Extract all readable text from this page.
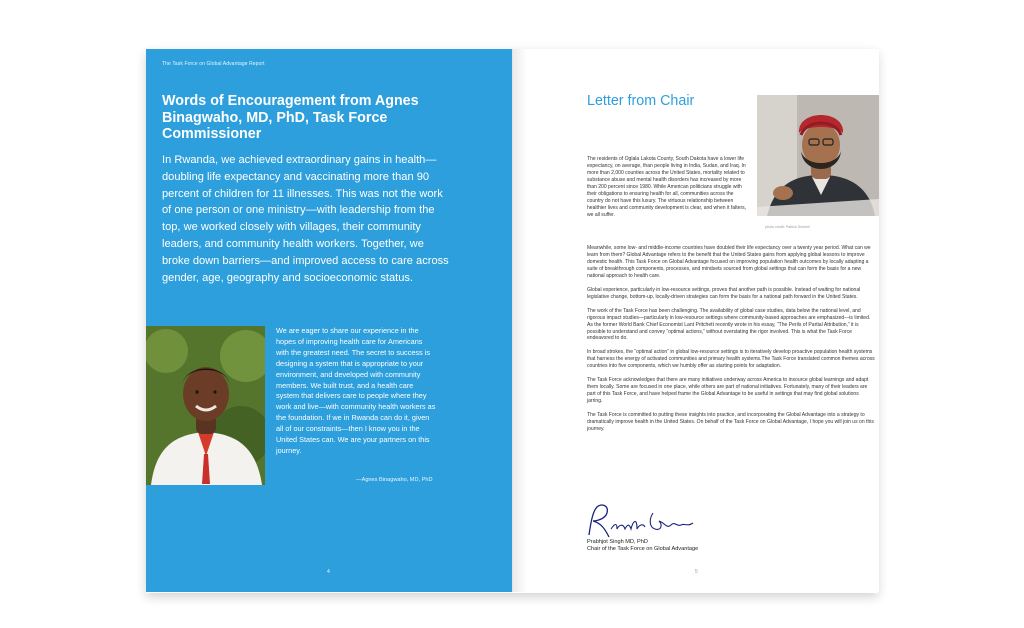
The Task Force on Global Advantage Report
Words of Encouragement from Agnes Binagwaho, MD, PhD, Task Force Commissioner
In Rwanda, we achieved extraordinary gains in health—doubling life expectancy and vaccinating more than 90 percent of children for 11 illnesses. This was not the work of one person or one ministry—with leadership from the top, we worked closely with villages, their community leaders, and community health workers. Together, we broke down barriers—and improved access to care across gender, age, geography and socioeconomic status.
We are eager to share our experience in the hopes of improving health care for Americans with the greatest need. The secret to success is designing a system that is appropriate to your environment, and developed with community members. We built trust, and a health care system that delivers care to people where they work and live—with community health workers as the foundation. If we in Rwanda can do it, given all of our constraints—then I know you in the United States can. We are your partners on this journey.
—Agnes Binagwaho, MD, PhD
4
Letter from Chair
photo credit: Patrick Schnell
The residents of Oglala Lakota County, South Dakota have a lower life expectancy, on average, than people living in India, Sudan, and Iraq. In more than 2,000 counties across the United States, mortality related to substance abuse and mental health disorders has increased by more than 200 percent since 1980. While American politicians struggle with their obligations to ensuring health for all, communities across the country do not have this luxury. The virtuous relationship between healthier lives and community development is clear, and when it falters, we all suffer.

Meanwhile, some low- and middle-income countries have doubled their life expectancy over a twenty year period. What can we learn from them? Global Advantage refers to the benefit that the United States gains from applying global lessons to improve domestic health. This Task Force on Global Advantage focused on improving population health outcomes by locally adapting a suite of breakthrough components, processes, and mindsets sourced from global settings that can form the basis for a new national approach to health care.

Global experience, particularly in low-resource settings, proves that another path is possible. Instead of waiting for national legislative change, bottom-up, locally-driven strategies can form the basis for a national path forward in the United States.

The work of the Task Force has been challenging. The availability of global case studies, data below the national level, and rigorous impact studies—particularly in low-resource settings where community-based approaches are emphasized—is limited. As the former World Bank Chief Economist Lant Pritchett recently wrote in his essay, “The Perils of Partial Attribution,” it is possible to understand and convey “optimal actions,” without overstating the rigor involved. This is what the Task Force endeavored to do.

In broad strokes, the “optimal action” in global low-resource settings is to iteratively develop proactive population health systems that harness the energy of activated communities and primary health systems.The Task Force translated common themes across countries into five components, which we humbly offer as starting points for adaptation.

The Task Force acknowledges that there are many initiatives underway across America to insource global learnings and adapt them locally. Some are focused in one place, while others are part of national initiatives. Fortunately, many of their leaders are part of this Task Force, and have helped frame the Global Advantage to be useful in settings that may find global solutions jarring.

The Task Force is committed to putting these insights into practice, and incorporating the Global Advantage into a strategy to dramatically improve health in the United States. On behalf of the Task Force on Global Advantage, I hope you will join us on this journey.

Prabhjot Singh MD, PhD
Chair of the Task Force on Global Advantage
5
